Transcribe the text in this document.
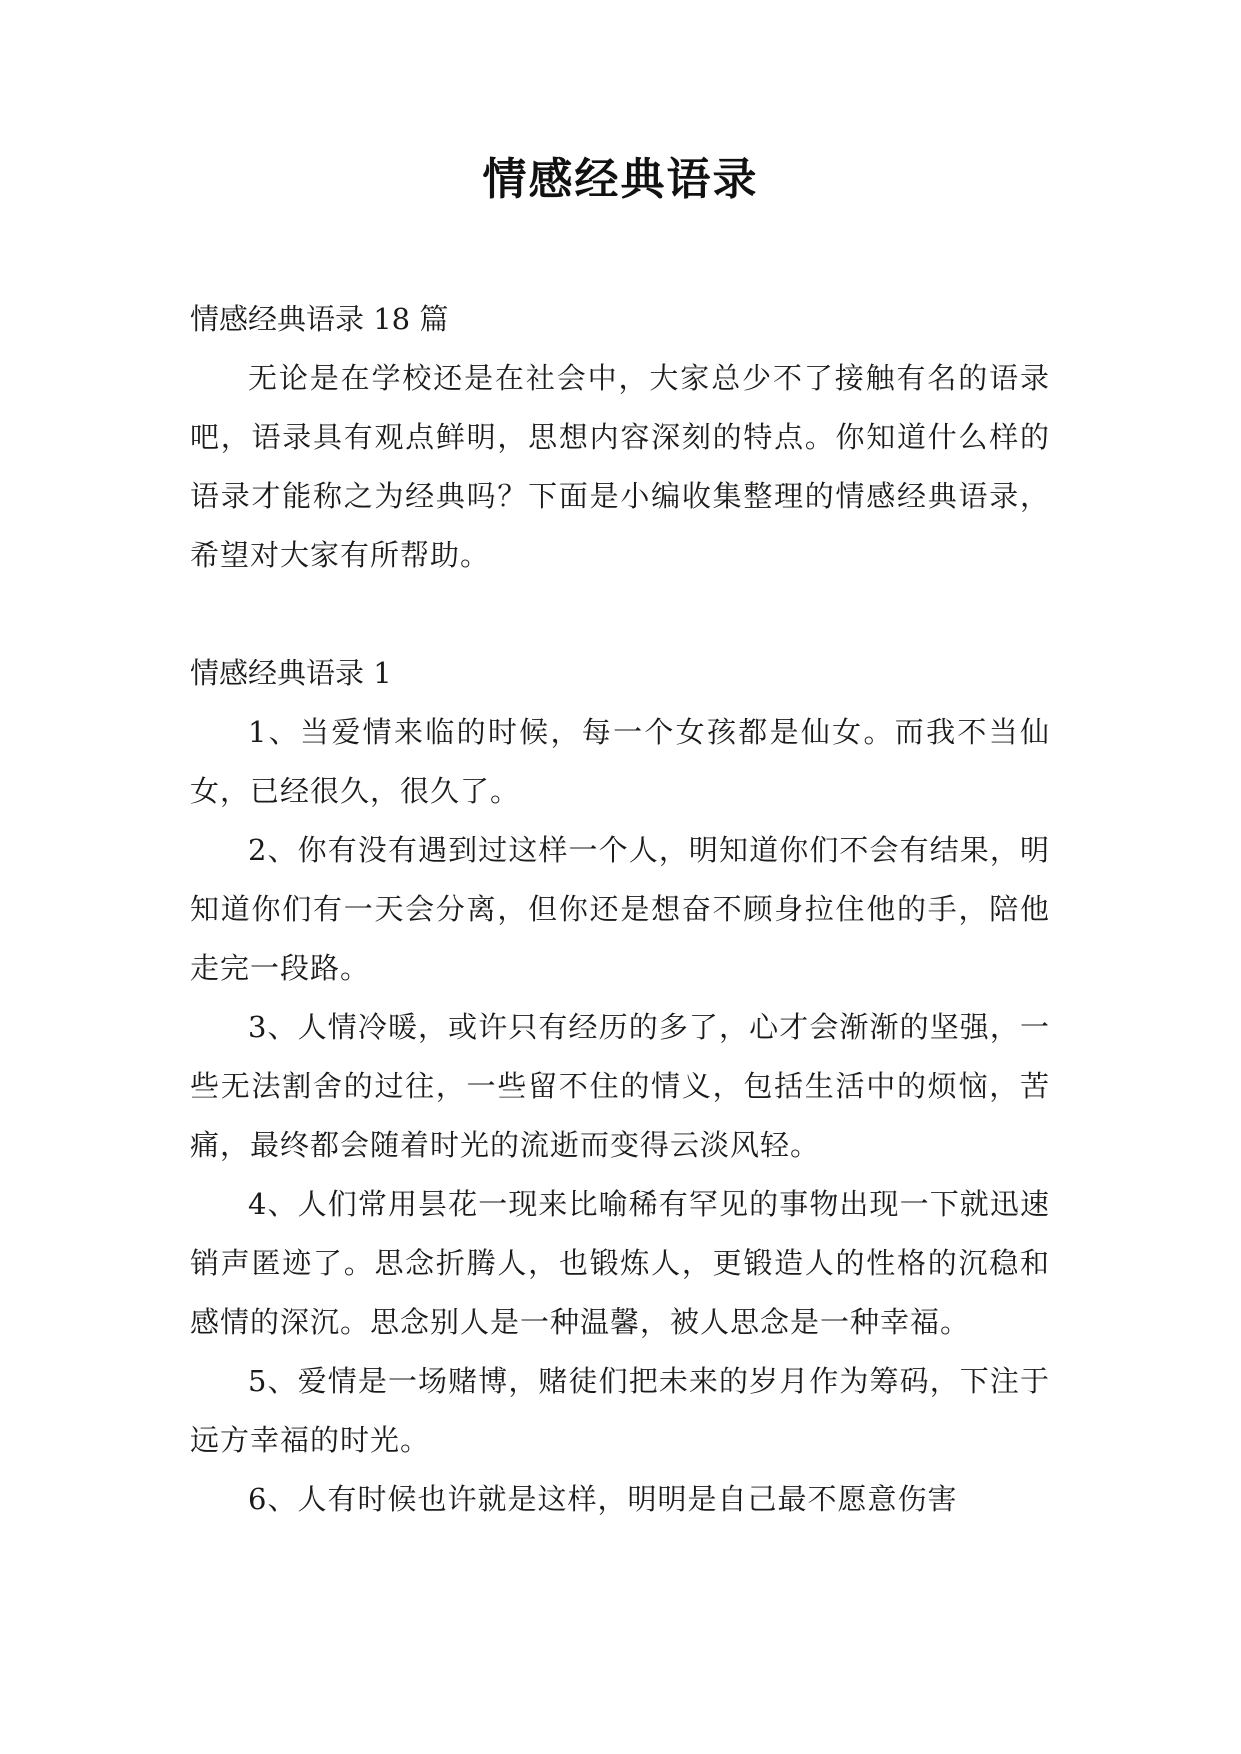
情感经典语录

情感经典语录 18 篇

无论是在学校还是在社会中，大家总少不了接触有名的语录吧，语录具有观点鲜明，思想内容深刻的特点。你知道什么样的语录才能称之为经典吗？下面是小编收集整理的情感经典语录，希望对大家有所帮助。

情感经典语录 1

1、当爱情来临的时候，每一个女孩都是仙女。而我不当仙女，已经很久，很久了。

2、你有没有遇到过这样一个人，明知道你们不会有结果，明知道你们有一天会分离，但你还是想奋不顾身拉住他的手，陪他走完一段路。

3、人情冷暖，或许只有经历的多了，心才会渐渐的坚强，一些无法割舍的过往，一些留不住的情义，包括生活中的烦恼，苦痛，最终都会随着时光的流逝而变得云淡风轻。

4、人们常用昙花一现来比喻稀有罕见的事物出现一下就迅速销声匿迹了。思念折腾人，也锻炼人，更锻造人的性格的沉稳和感情的深沉。思念别人是一种温馨，被人思念是一种幸福。

5、爱情是一场赌博，赌徒们把未来的岁月作为筹码，下注于远方幸福的时光。

6、人有时候也许就是这样，明明是自己最不愿意伤害
